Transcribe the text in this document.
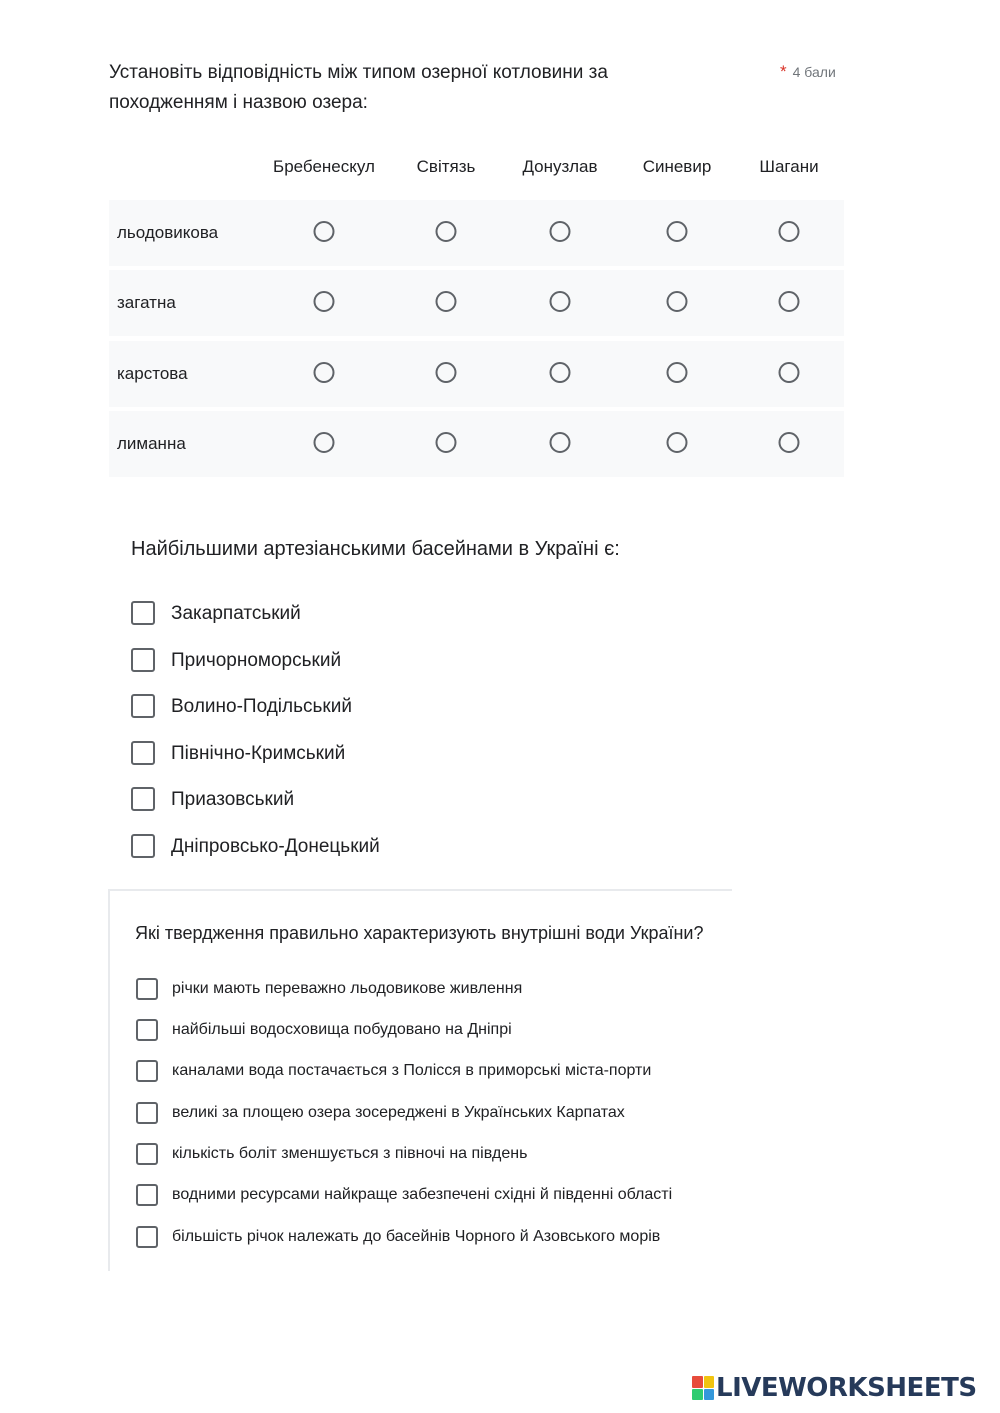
Установіть відповідність між типом озерної котловини за походженням і назвою озера:
* 4 бали
Бребенескул Світязь	Донузлав	Синевир	Шагани
льодовикова
загатна
карстова
лиманна
Найбільшими артезіанськими басейнами в Україні є:
Закарпатський
Причорноморський
Волино-Подільський
Північно-Кримський
Приазовський
Дніпровсько-Донецький
Які твердження правильно характеризують внутрішні води України?
річки мають переважно льодовикове живлення
найбільші водосховища побудовано на Дніпрі
каналами вода постачається з Полісся в приморські міста-порти
великі за площею озера зосереджені в Українських Карпатах
кількість боліт зменшується з півночі на південь
водними ресурсами найкраще забезпечені східні й південні області
більшість річок належать до басейнів Чорного й Азовського морів
LIVEWORKSHEETS
